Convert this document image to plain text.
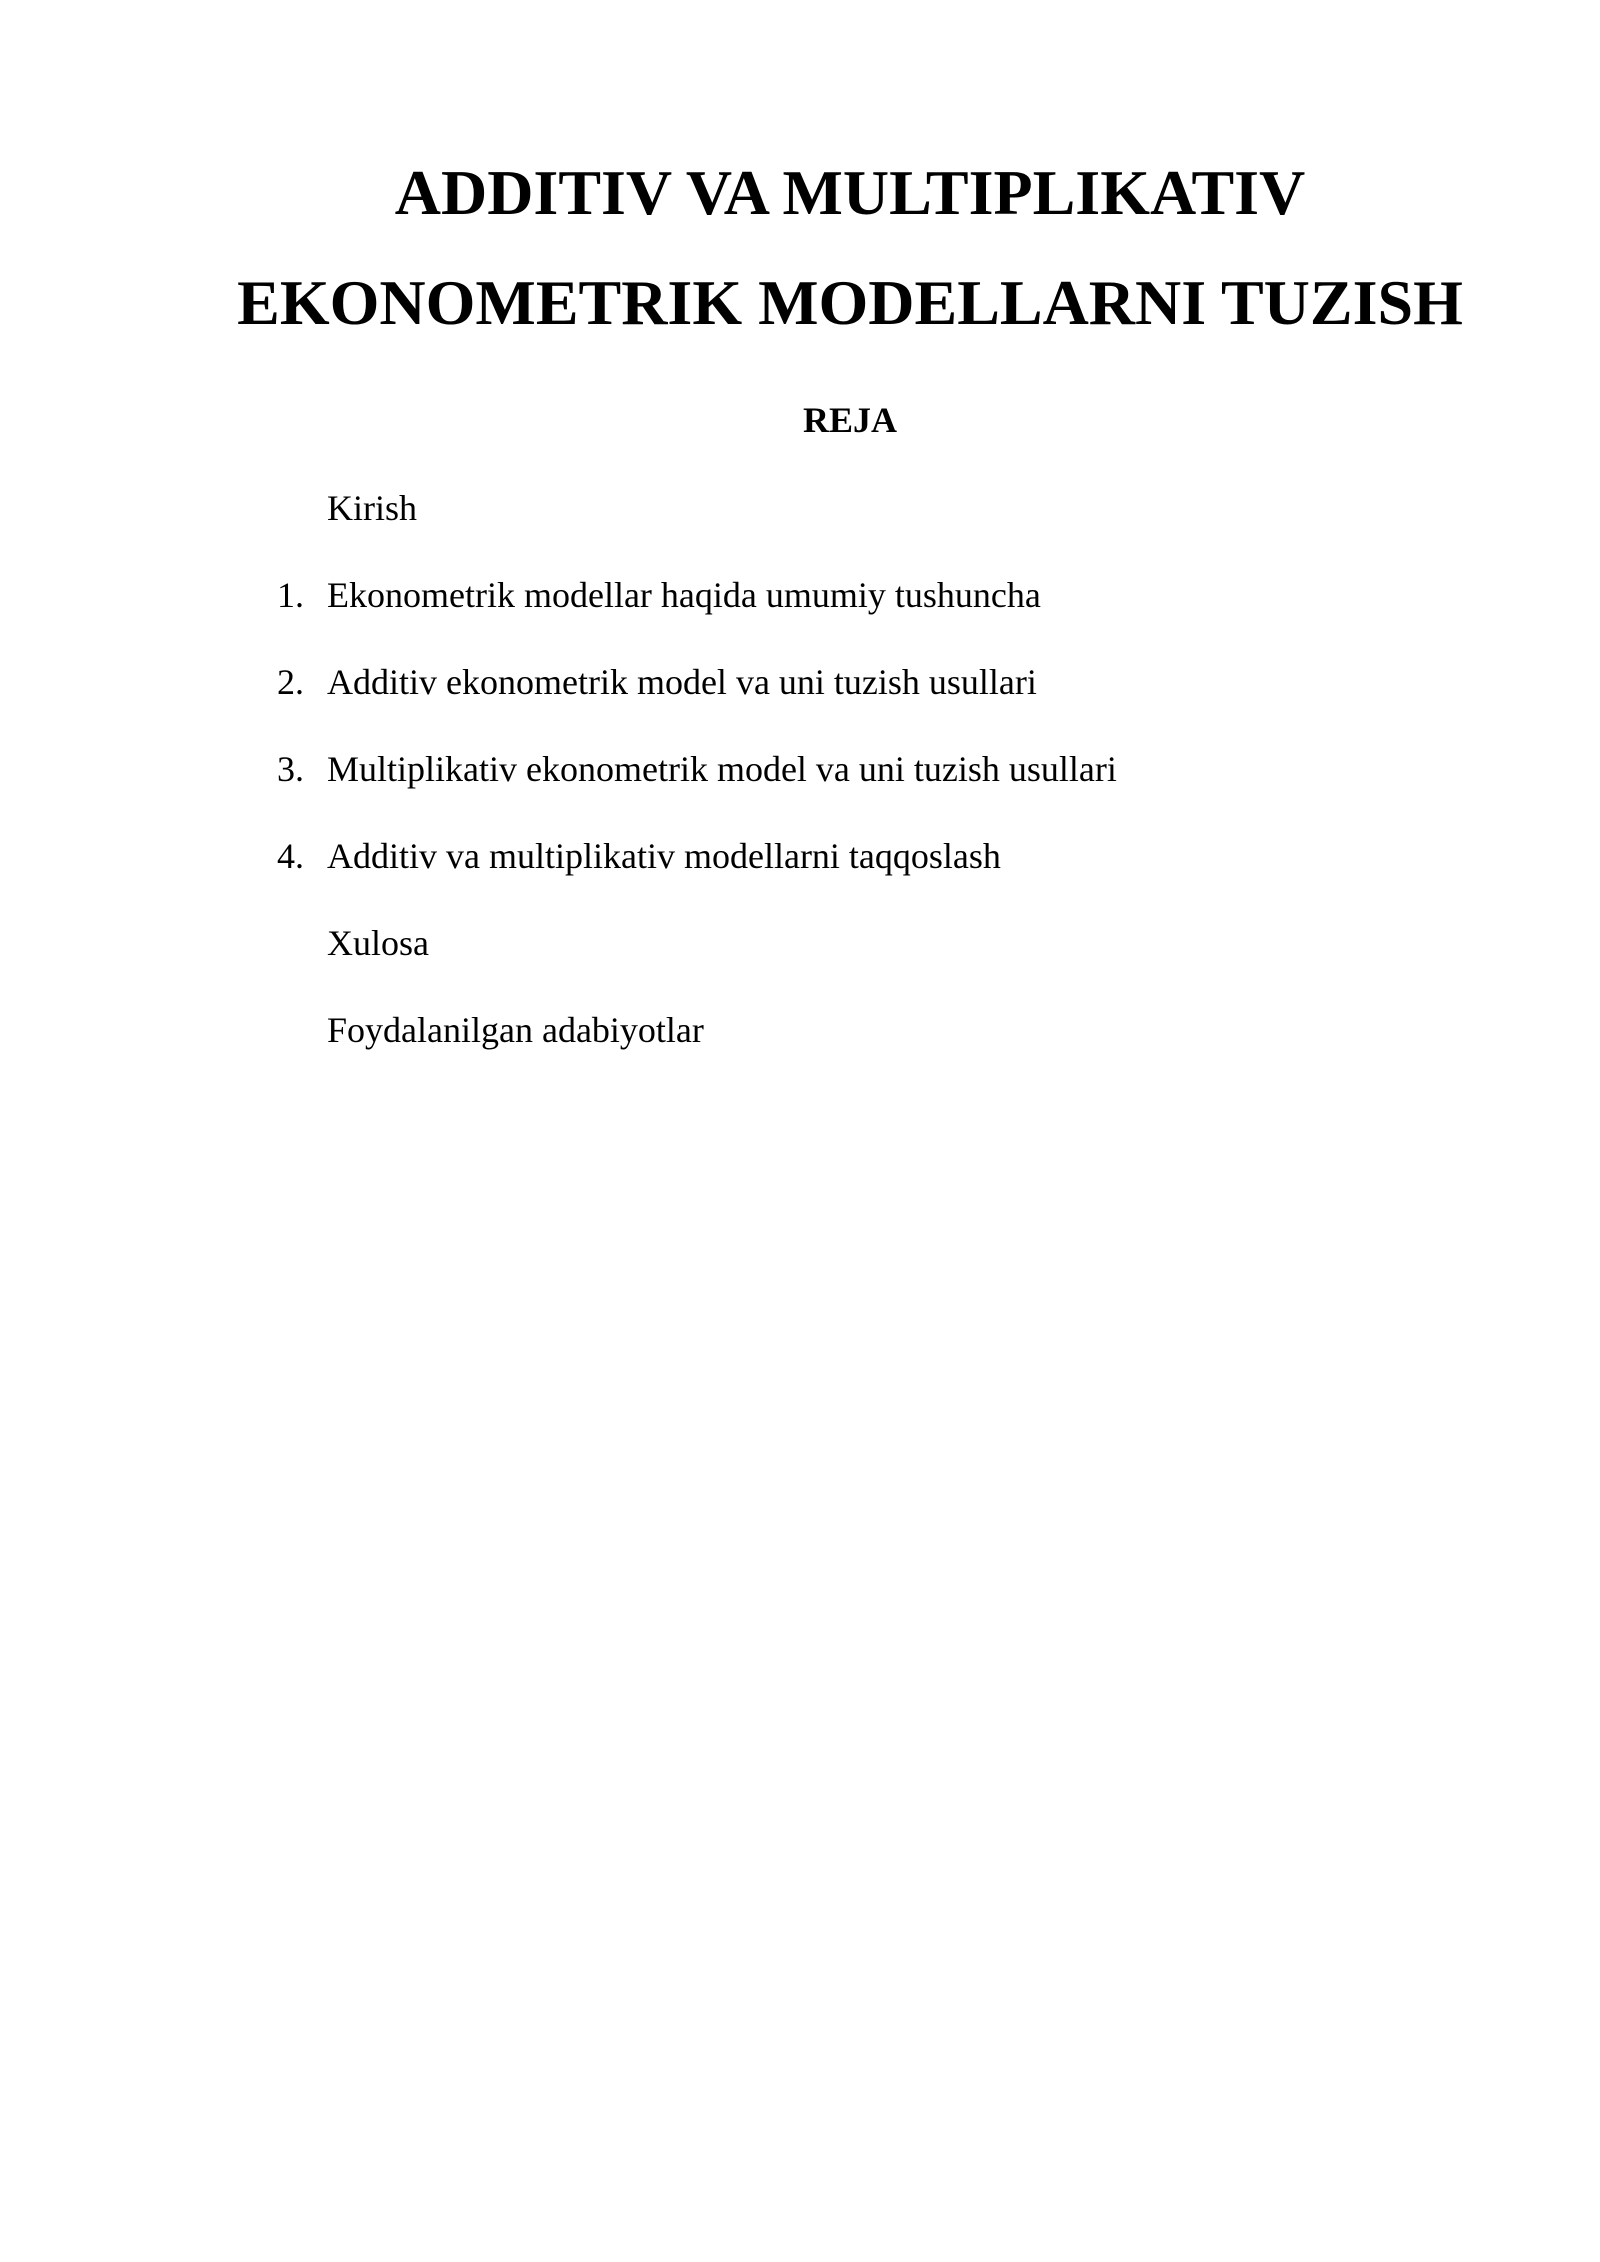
ADDITIV VA MULTIPLIKATIV
EKONOMETRIK MODELLARNI TUZISH
REJA
Kirish
1. Ekonometrik modellar haqida umumiy tushuncha
2. Additiv ekonometrik model va uni tuzish usullari
3. Multiplikativ ekonometrik model va uni tuzish usullari
4. Additiv va multiplikativ modellarni taqqoslash
Xulosa
Foydalanilgan adabiyotlar
